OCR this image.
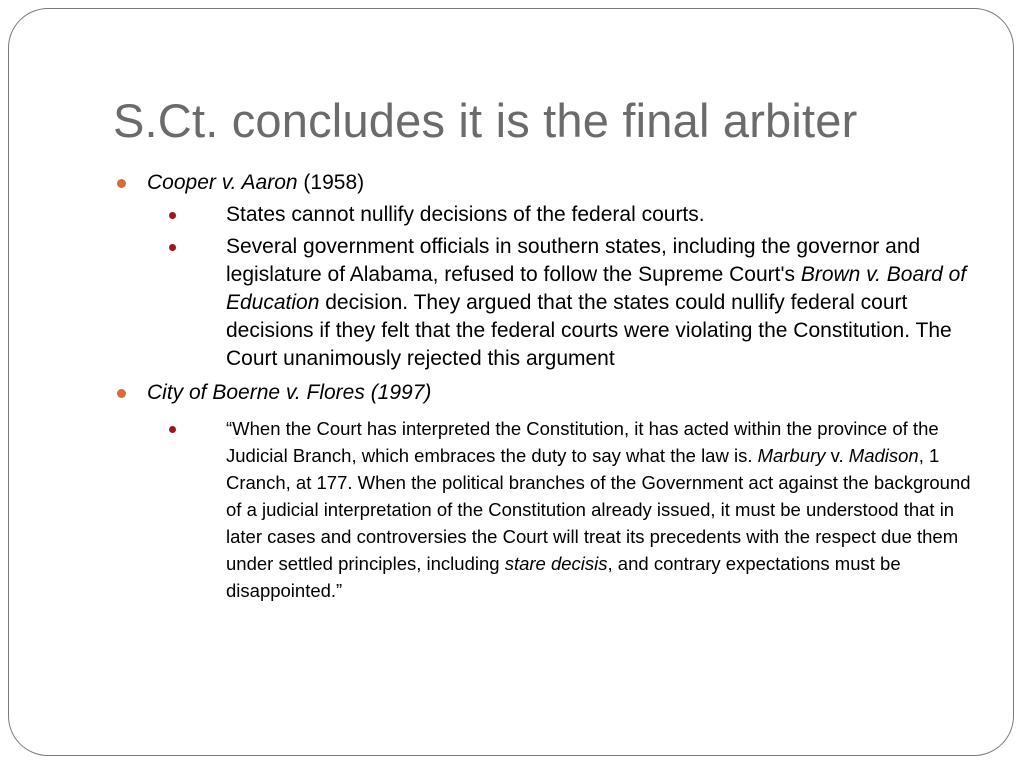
S.Ct. concludes it is the final arbiter
Cooper v. Aaron (1958)
States cannot nullify decisions of the federal courts.
Several government officials in southern states, including the governor and legislature of Alabama, refused to follow the Supreme Court's Brown v. Board of Education decision. They argued that the states could nullify federal court decisions if they felt that the federal courts were violating the Constitution. The Court unanimously rejected this argument
City of Boerne v. Flores (1997)
“When the Court has interpreted the Constitution, it has acted within the province of the Judicial Branch, which embraces the duty to say what the law is. Marbury v. Madison, 1 Cranch, at 177. When the political branches of the Government act against the background of a judicial interpretation of the Constitution already issued, it must be understood that in later cases and controversies the Court will treat its precedents with the respect due them under settled principles, including stare decisis, and contrary expectations must be disappointed.”
